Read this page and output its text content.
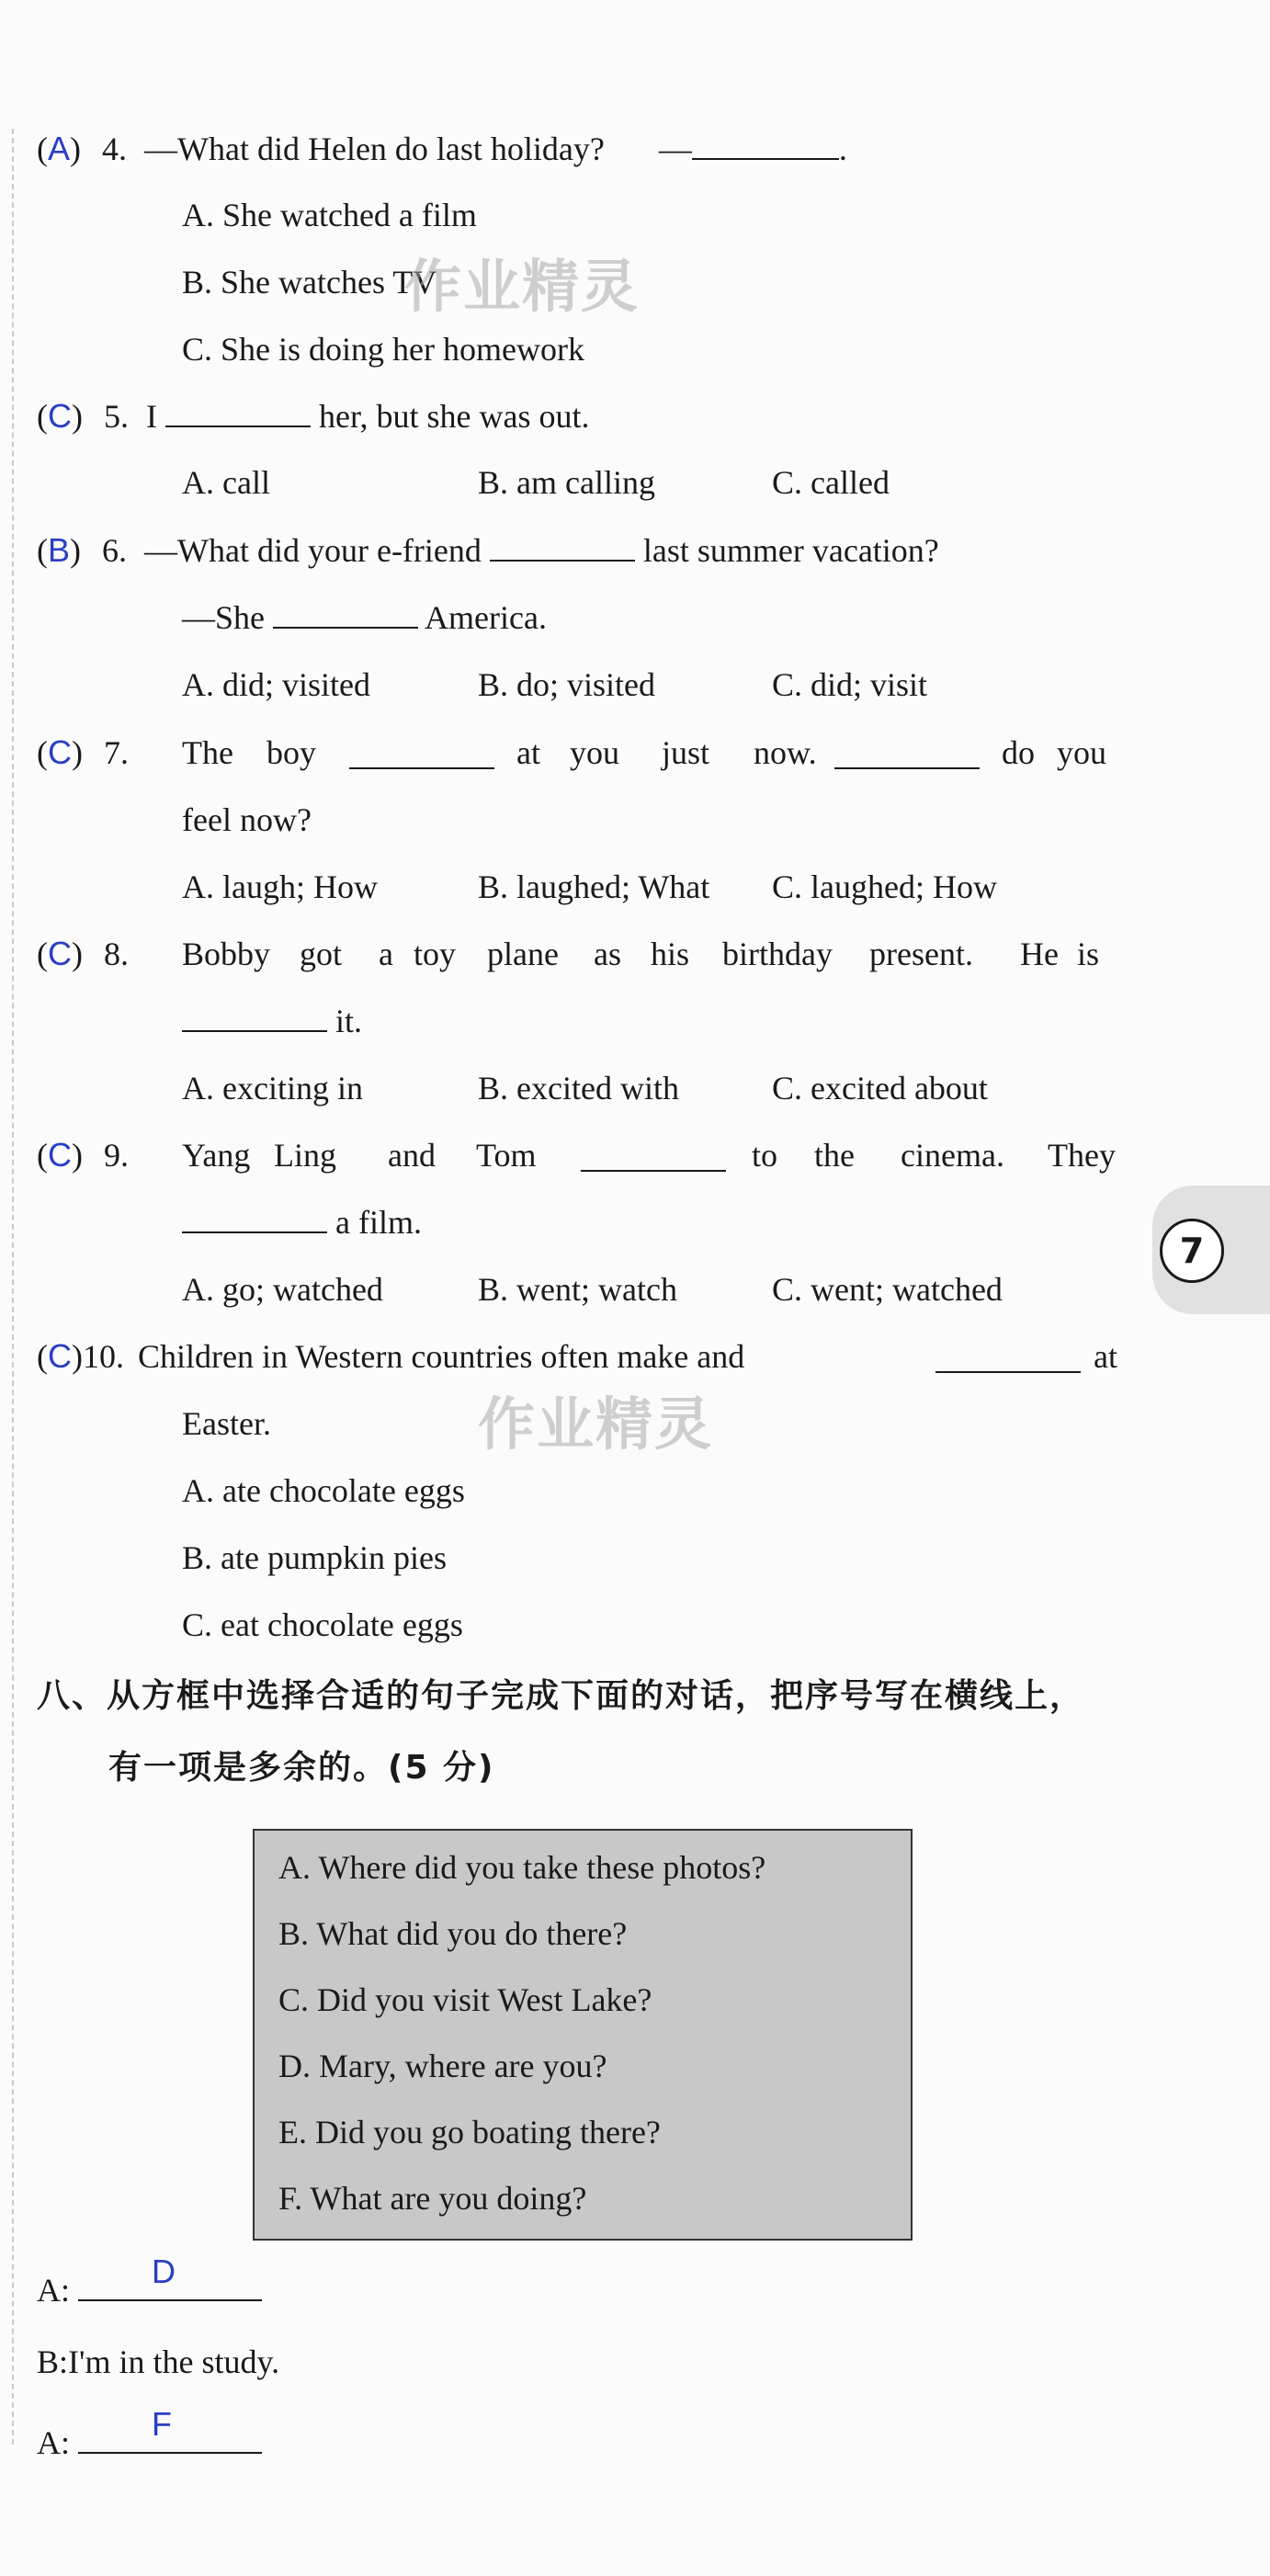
(A) 4. —What did Helen do last holiday? —	.
A. She watched a film
B. She watches TV
C. She is doing her homework
(C) 5. I	her, but she was out.
A. call	B. am calling	C. called
(B) 6. —What did your e-friend	last summer vacation?
—She	America.
A. did; visited	B. do; visited	C. did; visit
(C) 7. The boy	at you just now.	do you
feel now?
A. laugh; How	B. laughed; What C. laughed; How
(C) 8. Bobby got a toy plane as his birthday present. He is
it.
A. exciting in	B. excited with	C. excited about
(C) 9. Yang Ling and Tom	to the cinema. They
a film.
A. go; watched	B. went; watch	C. went; watched
(C)10. Children in Western countries often make and	at
Easter.
A. ate chocolate eggs
B. ate pumpkin pies
C. eat chocolate eggs
八、从方框中选择合适的句子完成下面的对话，把序号写在横线上，
有一项是多余的。(5 分)
A. Where did you take these photos?
B. What did you do there?
C. Did you visit West Lake?
D. Mary, where are you?
E. Did you go boating there?
F. What are you doing?
A: D
B:I'm in the study.
A: F
7
作业精灵
作业精灵
